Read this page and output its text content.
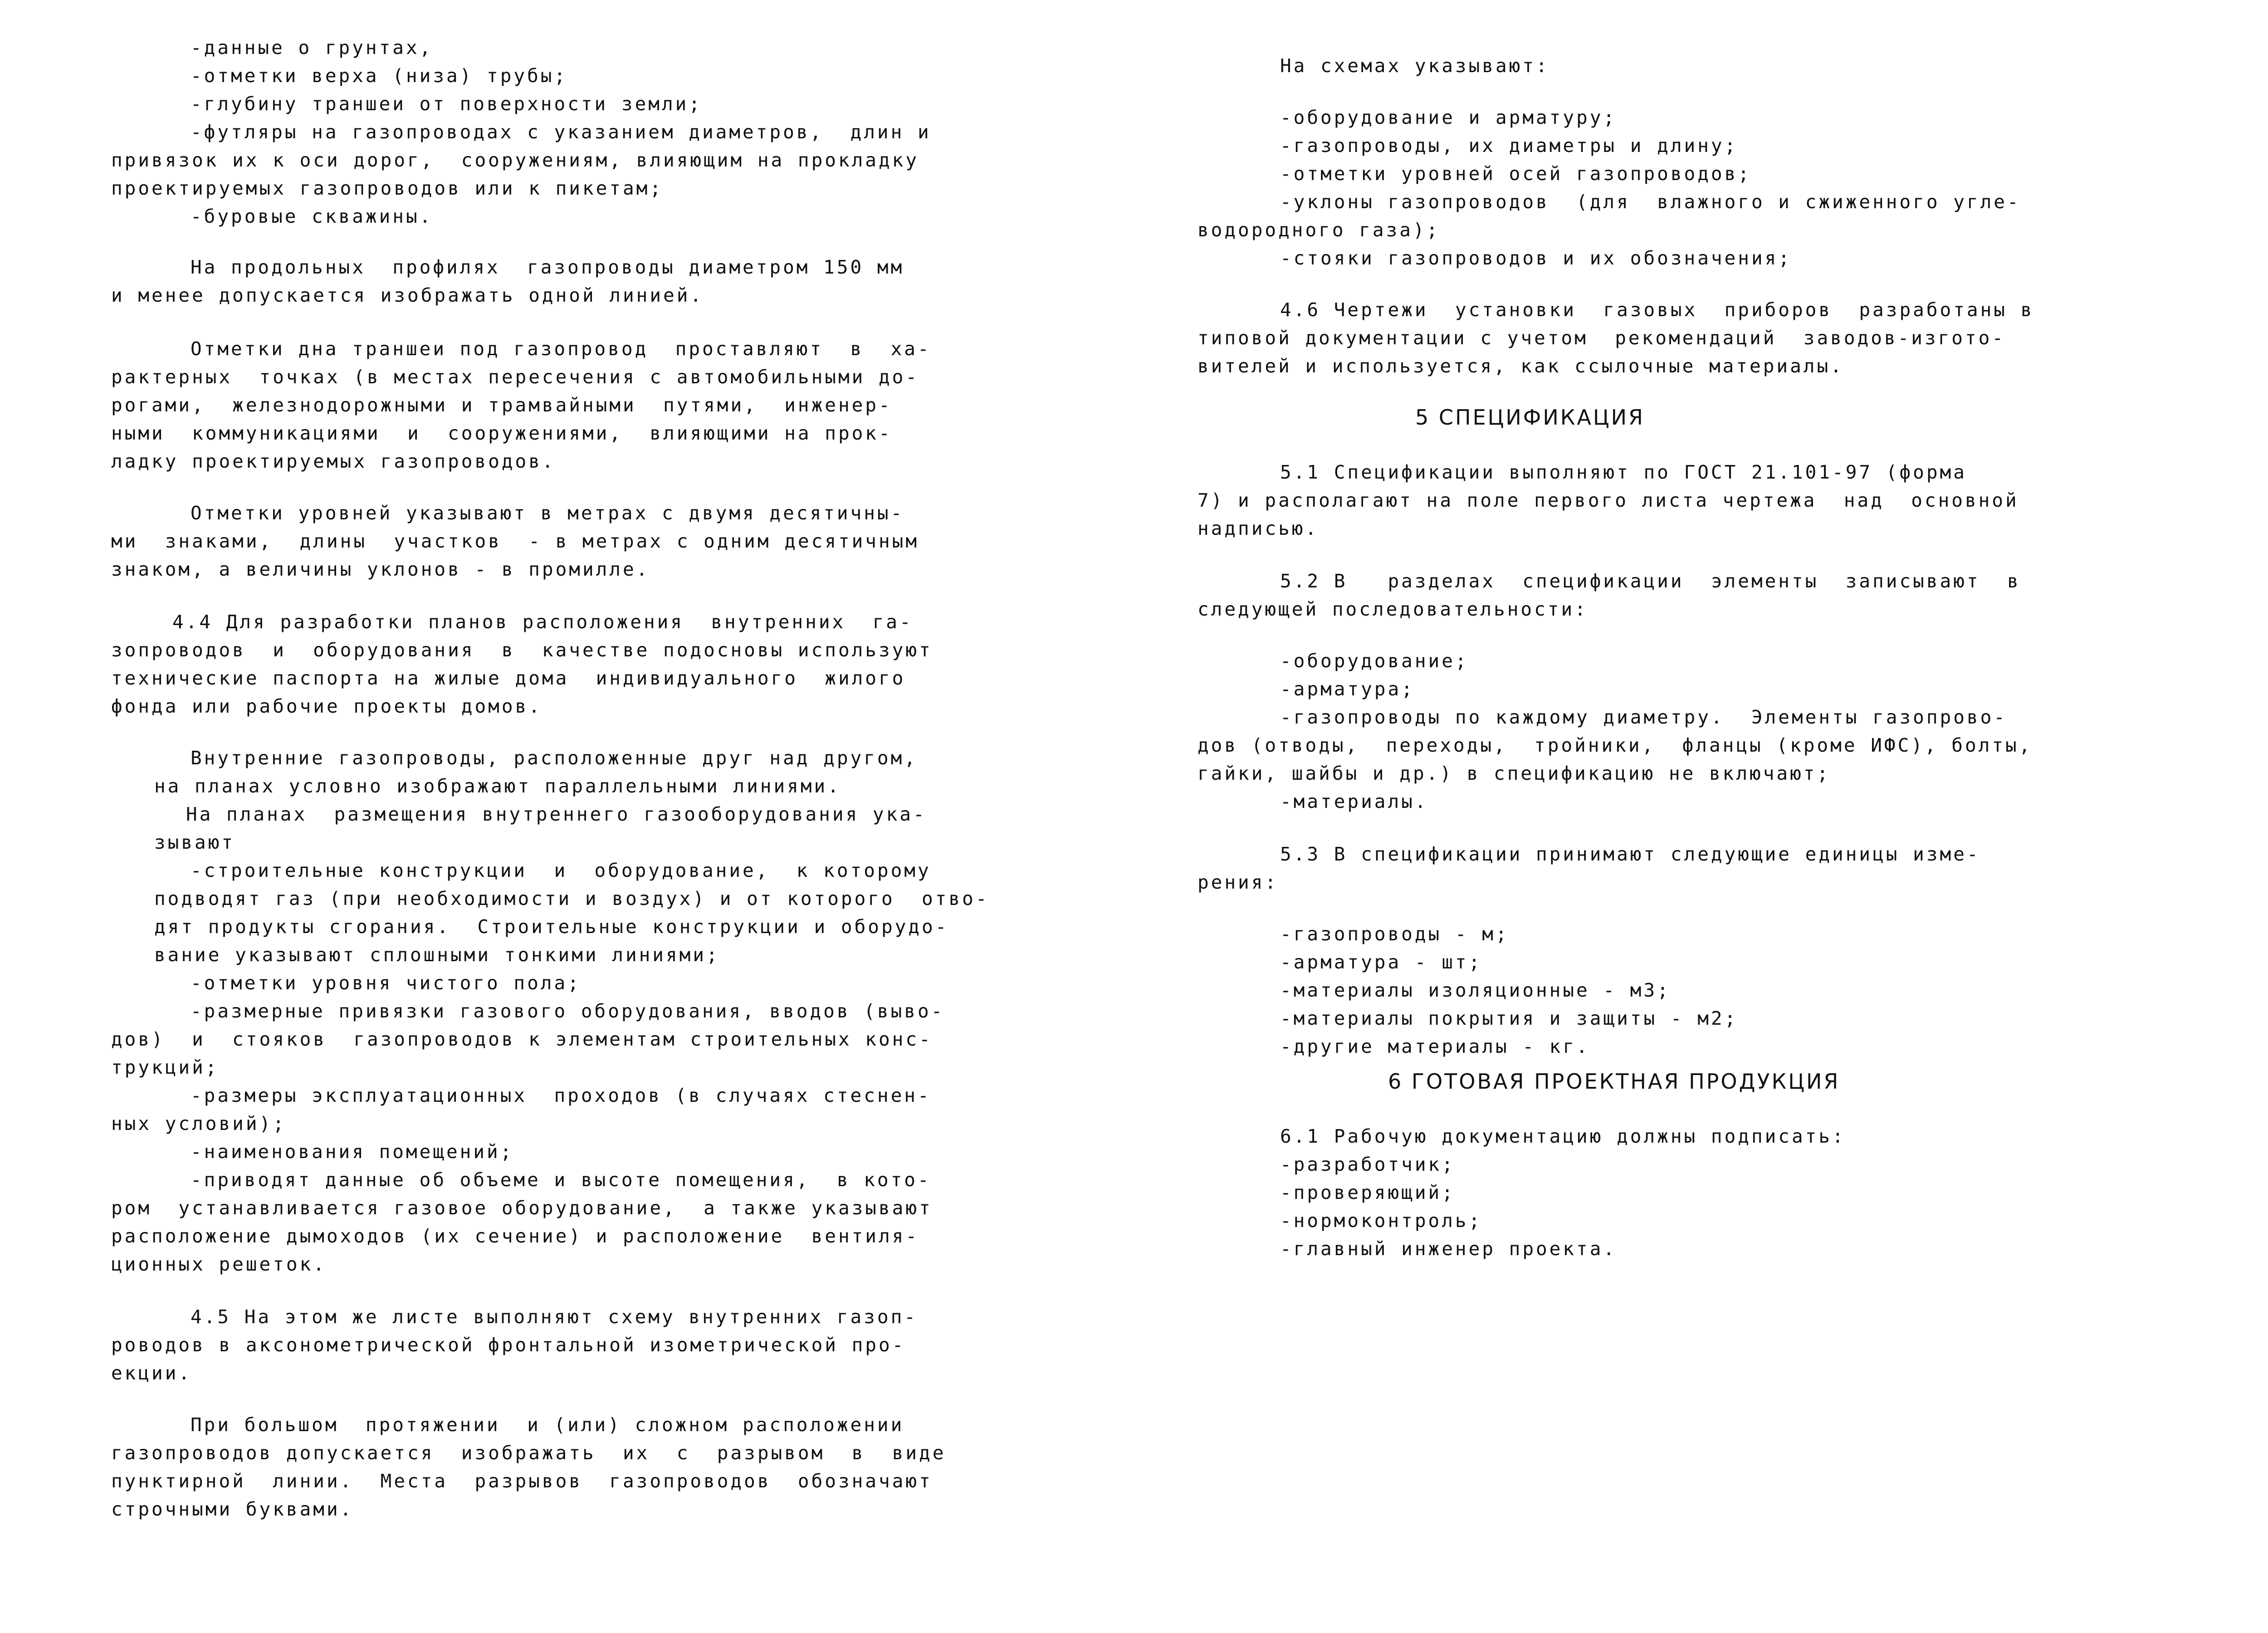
-данные о грунтах,
-отметки верха (низа) трубы;
-глубину траншеи от поверхности земли;
-футляры на газопроводах с указанием диаметров,  длин и
привязок их к оси дорог,  сооружениям, влияющим на прокладку
проектируемых газопроводов или к пикетам;
-буровые скважины.
На продольных  профилях  газопроводы диаметром 150 мм
и менее допускается изображать одной линией.
Отметки дна траншеи под газопровод  проставляют  в  ха-
рактерных  точках (в местах пересечения с автомобильными до-
рогами,  железнодорожными и трамвайными  путями,  инженер-
ными  коммуникациями  и  сооружениями,  влияющими на прок-
ладку проектируемых газопроводов.
Отметки уровней указывают в метрах с двумя десятичны-
ми  знаками,  длины  участков  - в метрах с одним десятичным
знаком, а величины уклонов - в промилле.
4.4 Для разработки планов расположения  внутренних  га-
зопроводов  и  оборудования  в  качестве подосновы используют
технические паспорта на жилые дома  индивидуального  жилого
фонда или рабочие проекты домов.
Внутренние газопроводы, расположенные друг над другом,
на планах условно изображают параллельными линиями.
На планах  размещения внутреннего газооборудования ука-
зывают
-строительные конструкции  и  оборудование,  к которому
подводят газ (при необходимости и воздух) и от которого  отво-
дят продукты сгорания.  Строительные конструкции и оборудо-
вание указывают сплошными тонкими линиями;
-отметки уровня чистого пола;
-размерные привязки газового оборудования, вводов (выво-
дов)  и  стояков  газопроводов к элементам строительных конс-
трукций;
-размеры эксплуатационных  проходов (в случаях стеснен-
ных условий);
-наименования помещений;
-приводят данные об объеме и высоте помещения,  в кото-
ром  устанавливается газовое оборудование,  а также указывают
расположение дымоходов (их сечение) и расположение  вентиля-
ционных решеток.
4.5 На этом же листе выполняют схему внутренних газоп-
роводов в аксонометрической фронтальной изометрической про-
екции.
При большом  протяжении  и (или) сложном расположении
газопроводов допускается  изображать  их  с  разрывом  в  виде
пунктирной  линии.  Места  разрывов  газопроводов  обозначают
строчными буквами.
На схемах указывают:
-оборудование и арматуру;
-газопроводы, их диаметры и длину;
-отметки уровней осей газопроводов;
-уклоны газопроводов  (для  влажного и сжиженного угле-
водородного газа);
-стояки газопроводов и их обозначения;
4.6 Чертежи  установки  газовых  приборов  разработаны в
типовой документации с учетом  рекомендаций  заводов-изгото-
вителей и используется, как ссылочные материалы.
5 СПЕЦИФИКАЦИЯ
5.1 Спецификации выполняют по ГОСТ 21.101-97 (форма
7) и располагают на поле первого листа чертежа  над  основной
надписью.
5.2 В   разделах  спецификации  элементы  записывают  в
следующей последовательности:
-оборудование;
-арматура;
-газопроводы по каждому диаметру.  Элементы газопрово-
дов (отводы,  переходы,  тройники,  фланцы (кроме ИФС), болты,
гайки, шайбы и др.) в спецификацию не включают;
-материалы.
5.3 В спецификации принимают следующие единицы изме-
рения:
-газопроводы - м;
-арматура - шт;
-материалы изоляционные - м3;
-материалы покрытия и защиты - м2;
-другие материалы - кг.
6 ГОТОВАЯ ПРОЕКТНАЯ ПРОДУКЦИЯ
6.1 Рабочую документацию должны подписать:
-разработчик;
-проверяющий;
-нормоконтроль;
-главный инженер проекта.
